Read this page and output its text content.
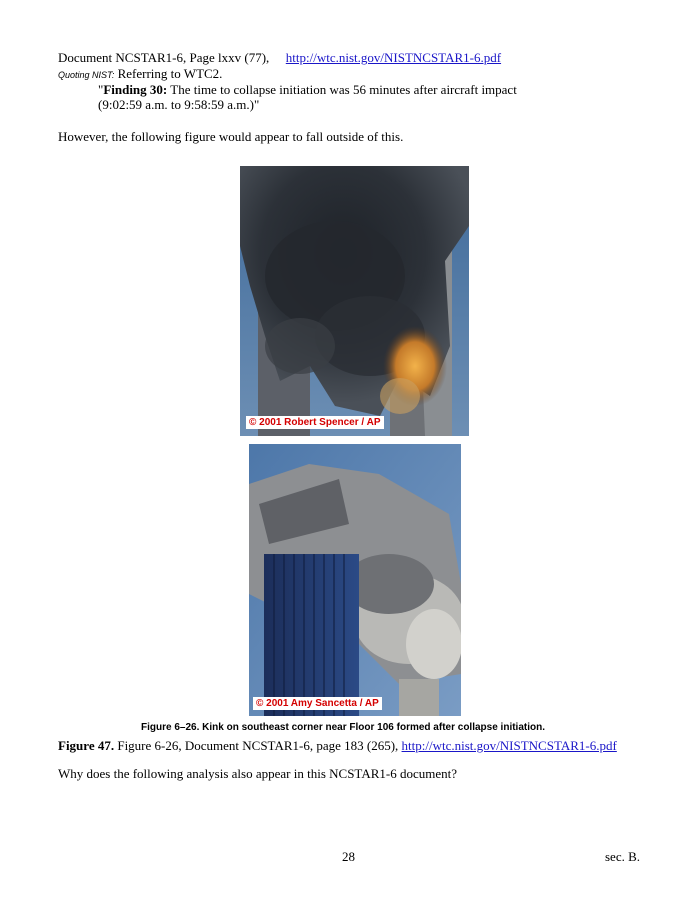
Document NCSTAR1-6, Page lxxv (77), http://wtc.nist.gov/NISTNCSTAR1-6.pdf
Quoting NIST: Referring to WTC2.
"Finding 30: The time to collapse initiation was 56 minutes after aircraft impact
(9:02:59 a.m. to 9:58:59 a.m.)"
However, the following figure would appear to fall outside of this.
© 2001 Robert Spencer / AP
© 2001 Amy Sancetta / AP
Figure 6–26. Kink on southeast corner near Floor 106 formed after collapse initiation.
Figure 47. Figure 6-26, Document NCSTAR1-6, page 183 (265), http://wtc.nist.gov/NISTNCSTAR1-6.pdf
Why does the following analysis also appear in this NCSTAR1-6 document?
28	sec. B.
